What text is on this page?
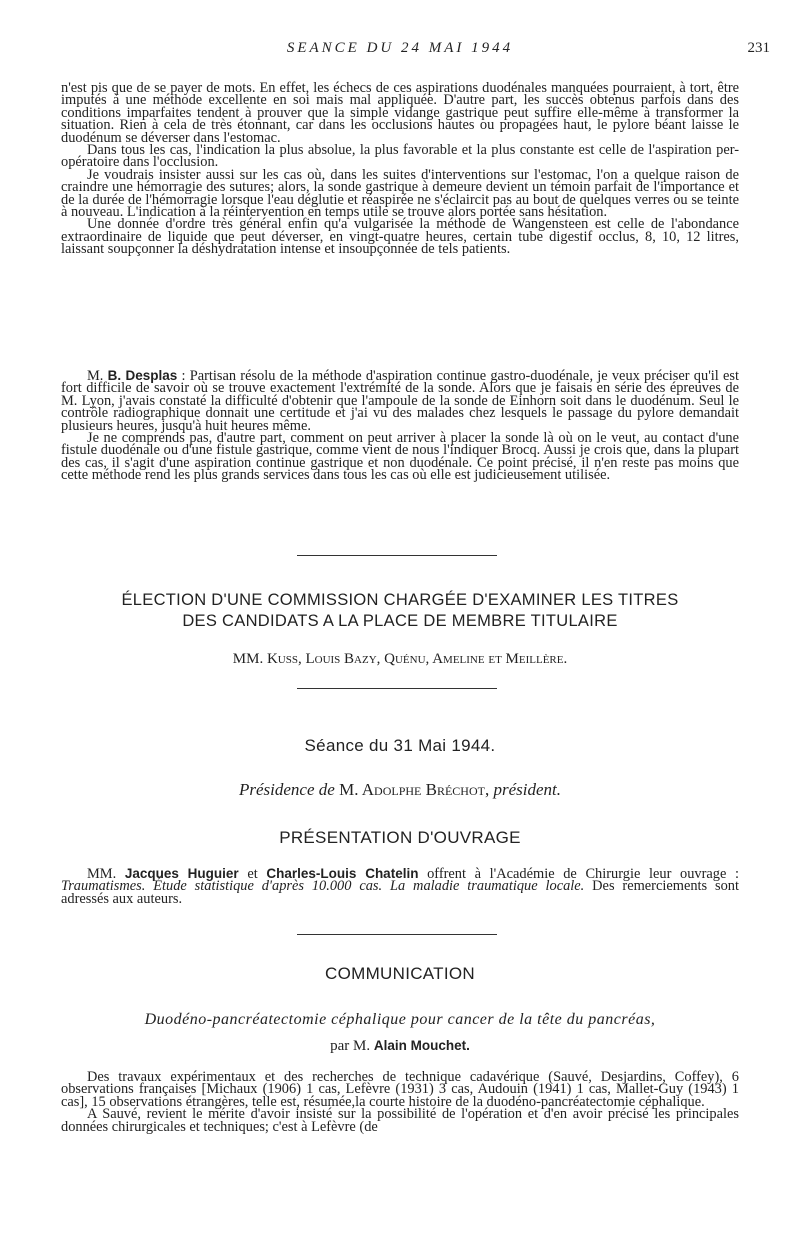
SEANCE DU 24 MAI 1944	231

n'est pis que de se payer de mots. En effet, les échecs de ces aspirations duodénales manquées pourraient, à tort, être imputés à une méthode excellente en soi mais mal appliquée. D'autre part, les succès obtenus parfois dans des conditions imparfaites tendent à prouver que la simple vidange gastrique peut suffire elle-même à transformer la situation. Rien à cela de très étonnant, car dans les occlusions hautes ou propagées haut, le pylore béant laisse le duodénum se déverser dans l'estomac.

Dans tous les cas, l'indication la plus absolue, la plus favorable et la plus constante est celle de l'aspiration per-opératoire dans l'occlusion.

Je voudrais insister aussi sur les cas où, dans les suites d'interventions sur l'estomac, l'on a quelque raison de craindre une hémorragie des sutures; alors, la sonde gastrique à demeure devient un témoin parfait de l'importance et de la durée de l'hémorragie lorsque l'eau déglutie et réaspirée ne s'éclaircit pas au bout de quelques verres ou se teinte à nouveau. L'indication à la réintervention en temps utile se trouve alors portée sans hésitation.

Une donnée d'ordre très général enfin qu'a vulgarisée la méthode de Wangensteen est celle de l'abondance extraordinaire de liquide que peut déverser, en vingt-quatre heures, certain tube digestif occlus, 8, 10, 12 litres, laissant soupçonner la déshydratation intense et insoupçonnée de tels patients.

M. B. Desplas : Partisan résolu de la méthode d'aspiration continue gastro-duodénale, je veux préciser qu'il est fort difficile de savoir où se trouve exactement l'extrémité de la sonde. Alors que je faisais en série des épreuves de M. Lyon, j'avais constaté la difficulté d'obtenir que l'ampoule de la sonde de Einhorn soit dans le duodénum. Seul le contrôle radiographique donnait une certitude et j'ai vu des malades chez lesquels le passage du pylore demandait plusieurs heures, jusqu'à huit heures même.

Je ne comprends pas, d'autre part, comment on peut arriver à placer la sonde là où on le veut, au contact d'une fistule duodénale ou d'une fistule gastrique, comme vient de nous l'indiquer Brocq. Aussi je crois que, dans la plupart des cas, il s'agit d'une aspiration continue gastrique et non duodénale. Ce point précisé, il n'en reste pas moins que cette méthode rend les plus grands services dans tous les cas où elle est judicieusement utilisée.

ÉLECTION D'UNE COMMISSION CHARGÉE D'EXAMINER LES TITRES
DES CANDIDATS A LA PLACE DE MEMBRE TITULAIRE
MM. Kuss, Louis Bazy, Quénu, Ameline et Meillère.
Séance du 31 Mai 1944.
Présidence de M. Adolphe Bréchot, président.
PRÉSENTATION D'OUVRAGE

MM. Jacques Huguier et Charles-Louis Chatelin offrent à l'Académie de Chirurgie leur ouvrage : Traumatismes. Étude statistique d'après 10.000 cas. La maladie traumatique locale. Des remerciements sont adressés aux auteurs.

COMMUNICATION
Duodéno-pancréatectomie céphalique pour cancer de la tête du pancréas,
par M. Alain Mouchet.

Des travaux expérimentaux et des recherches de technique cadavérique (Sauvé, Desjardins, Coffey), 6 observations françaises [Michaux (1906) 1 cas, Lefèvre (1931) 3 cas, Audouin (1941) 1 cas, Mallet-Guy (1943) 1 cas], 15 observations étrangères, telle est, résumée,la courte histoire de la duodéno-pancréatectomie céphalique.

A Sauvé, revient le mérite d'avoir insisté sur la possibilité de l'opération et d'en avoir précisé les principales données chirurgicales et techniques; c'est à Lefèvre (de
